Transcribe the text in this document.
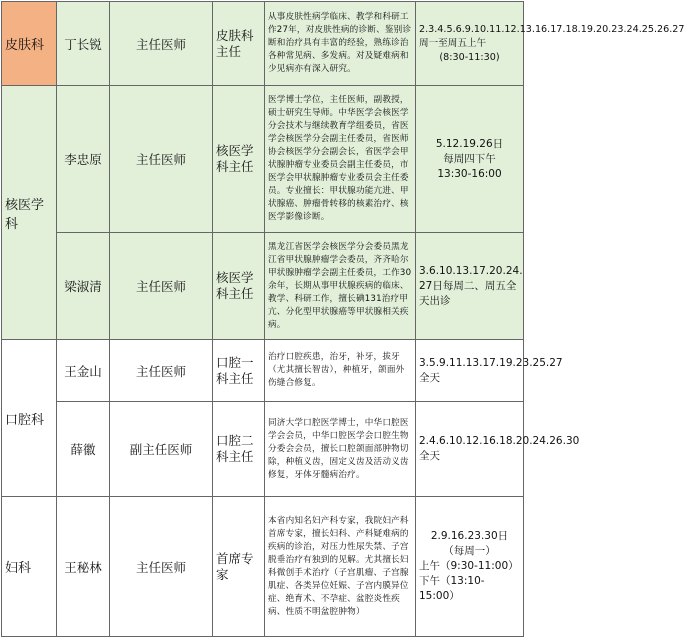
皮肤科	丁长锐	主任医师	皮肤科主任	从事皮肤性病学临床、教学和科研工作27年，对皮肤性病的诊断、鉴别诊断和治疗具有丰富的经验，熟练诊治各种常见病、多发病。对及疑难病和少见病亦有深入研究。	2.3.4.5.6.9.10.11.12.13.16.17.18.19.20.23.24.25.26.27周一至周五上午
(8:30-11:30)

核医学科	李忠原	主任医师	核医学科主任	医学博士学位，主任医师，副教授，硕士研究生导师。中华医学会核医学分会技术与继续教育学组委员，省医学会核医学分会副主任委员，省医师协会核医学分会副会长，省医学会甲状腺肿瘤专业委员会副主任委员，市医学会甲状腺肿瘤专业委员会主任委员。专业擅长：甲状腺功能亢进、甲状腺癌、肿瘤骨转移的核素治疗、核医学影像诊断。	5.12.19.26日
每周四下午
13:30-16:00

	梁淑清	主任医师	核医学科主任	黑龙江省医学会核医学分会委员黑龙江省甲状腺肿瘤学会委员，齐齐哈尔甲状腺肿瘤学会副主任委员，工作30余年，长期从事甲状腺疾病的临床、教学、科研工作，擅长碘131治疗甲亢、分化型甲状腺癌等甲状腺相关疾病。	3.6.10.13.17.20.24.
27日每周二、周五全天出诊

口腔科	王金山	主任医师	口腔一科主任	治疗口腔疾患，治牙，补牙，拔牙（尤其擅长智齿），种植牙，颌面外伤缝合修复。	3.5.9.11.13.17.19.23.25.27全天
	薛徽	副主任医师	口腔二科主任	同济大学口腔医学博士，中华口腔医学会会员，中华口腔医学会口腔生物分委会会员，擅长口腔颌面部肿物切除，种植义齿，固定义齿及活动义齿修复，牙体牙髓病治疗。	2.4.6.10.12.16.18.20.24.26.30全天
妇科	王秘林	主任医师	首席专家	本省内知名妇产科专家，我院妇产科首席专家，擅长妇科、产科疑难病的疾病的诊治，对压力性尿失禁、子宫脱垂治疗有独到的见解。尤其擅长妇科微创手术治疗（子宫肌瘤、子宫腺肌症、各类异位妊娠、子宫内膜异位症、绝育术、不孕症、盆腔炎性疾病、性质不明盆腔肿物）	2.9.16.23.30日
（每周一）
上午（9:30-11:00）
下午（13:10-15:00）
